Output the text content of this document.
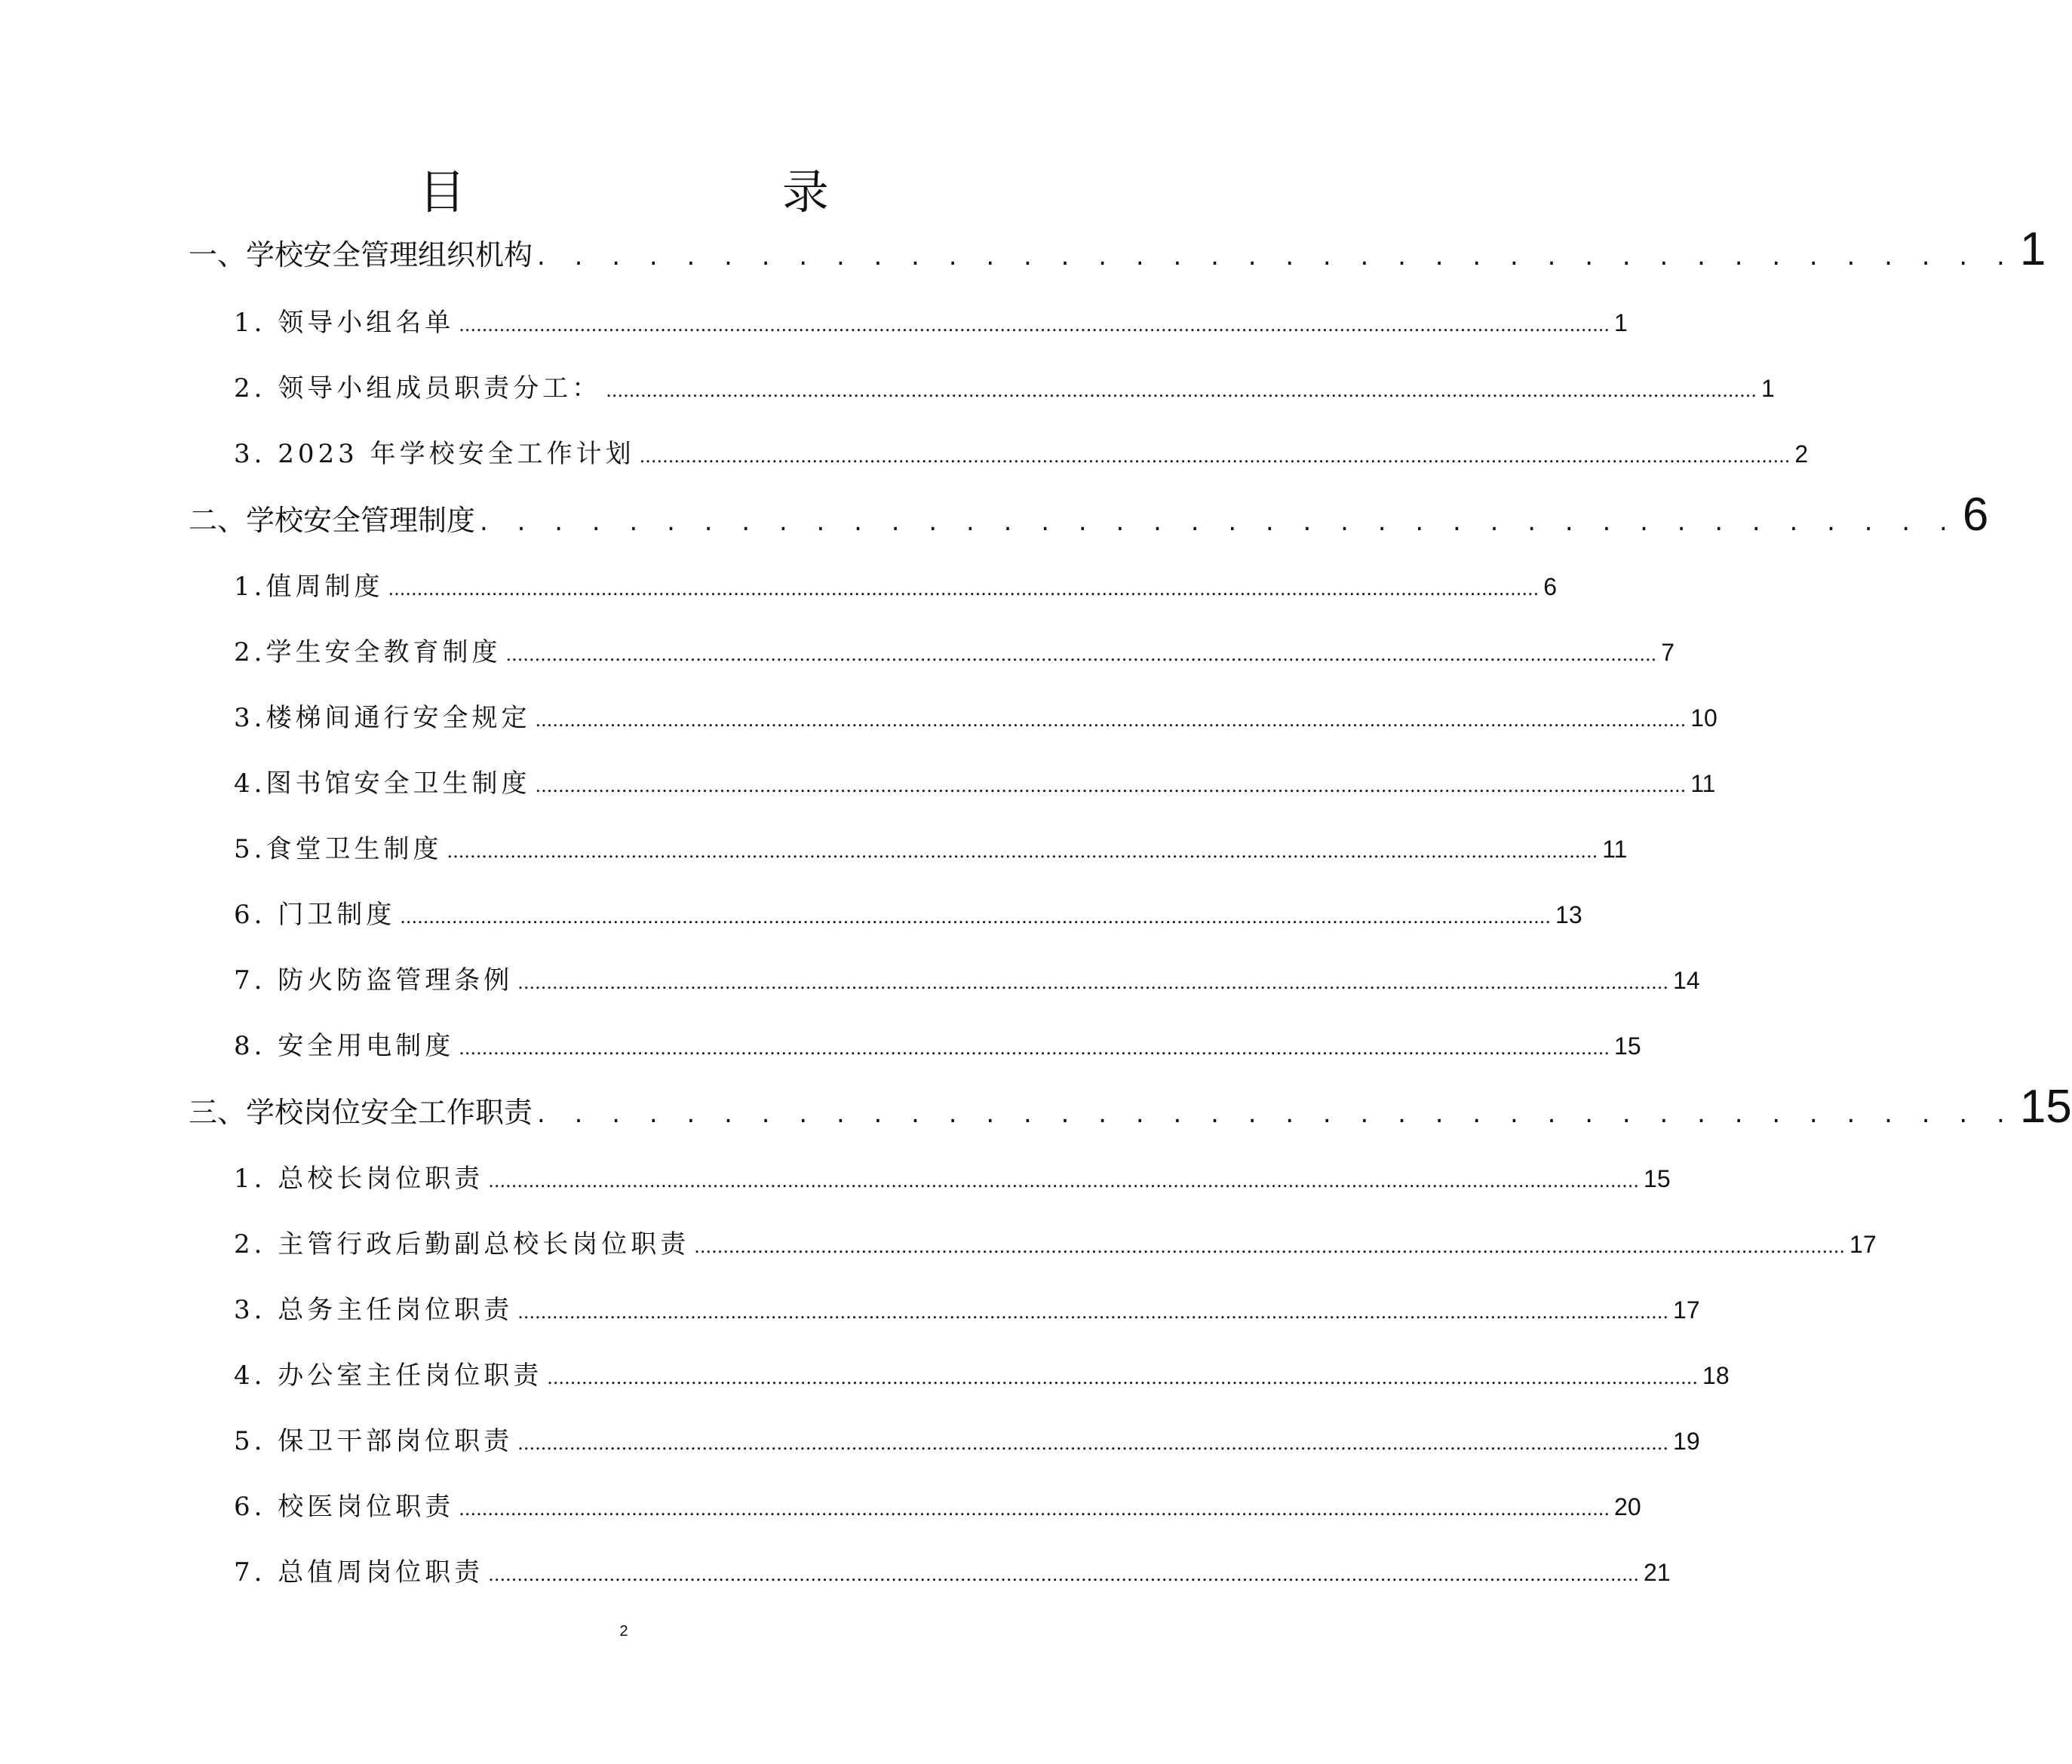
目 录
一、学校安全管理组织机构 . . . . . . . . . . . . . . . . . . . . . . . . . . . . . . . . . . . . . . . . 1
1. 领导小组名单 ........................................................................................................................................................................................................ 1
2. 领导小组成员职责分工： ........................................................................................................................................................................................................ 1
3. 2023 年学校安全工作计划 ........................................................................................................................................................................................................ 2
二、学校安全管理制度 . . . . . . . . . . . . . . . . . . . . . . . . . . . . . . . . . . . . . . . . 6
1.值周制度 ........................................................................................................................................................................................................ 6
2.学生安全教育制度 ........................................................................................................................................................................................................ 7
3.楼梯间通行安全规定 ........................................................................................................................................................................................................ 10
4.图书馆安全卫生制度 ........................................................................................................................................................................................................ 11
5.食堂卫生制度 ........................................................................................................................................................................................................ 11
6. 门卫制度 ........................................................................................................................................................................................................ 13
7. 防火防盗管理条例 ........................................................................................................................................................................................................ 14
8. 安全用电制度 ........................................................................................................................................................................................................ 15
三、学校岗位安全工作职责 . . . . . . . . . . . . . . . . . . . . . . . . . . . . . . . . . . . . . . . . 15
1. 总校长岗位职责 ........................................................................................................................................................................................................ 15
2. 主管行政后勤副总校长岗位职责 ........................................................................................................................................................................................................ 17
3. 总务主任岗位职责 ........................................................................................................................................................................................................ 17
4. 办公室主任岗位职责 ........................................................................................................................................................................................................ 18
5. 保卫干部岗位职责 ........................................................................................................................................................................................................ 19
6. 校医岗位职责 ........................................................................................................................................................................................................ 20
7. 总值周岗位职责 ........................................................................................................................................................................................................ 21
2
